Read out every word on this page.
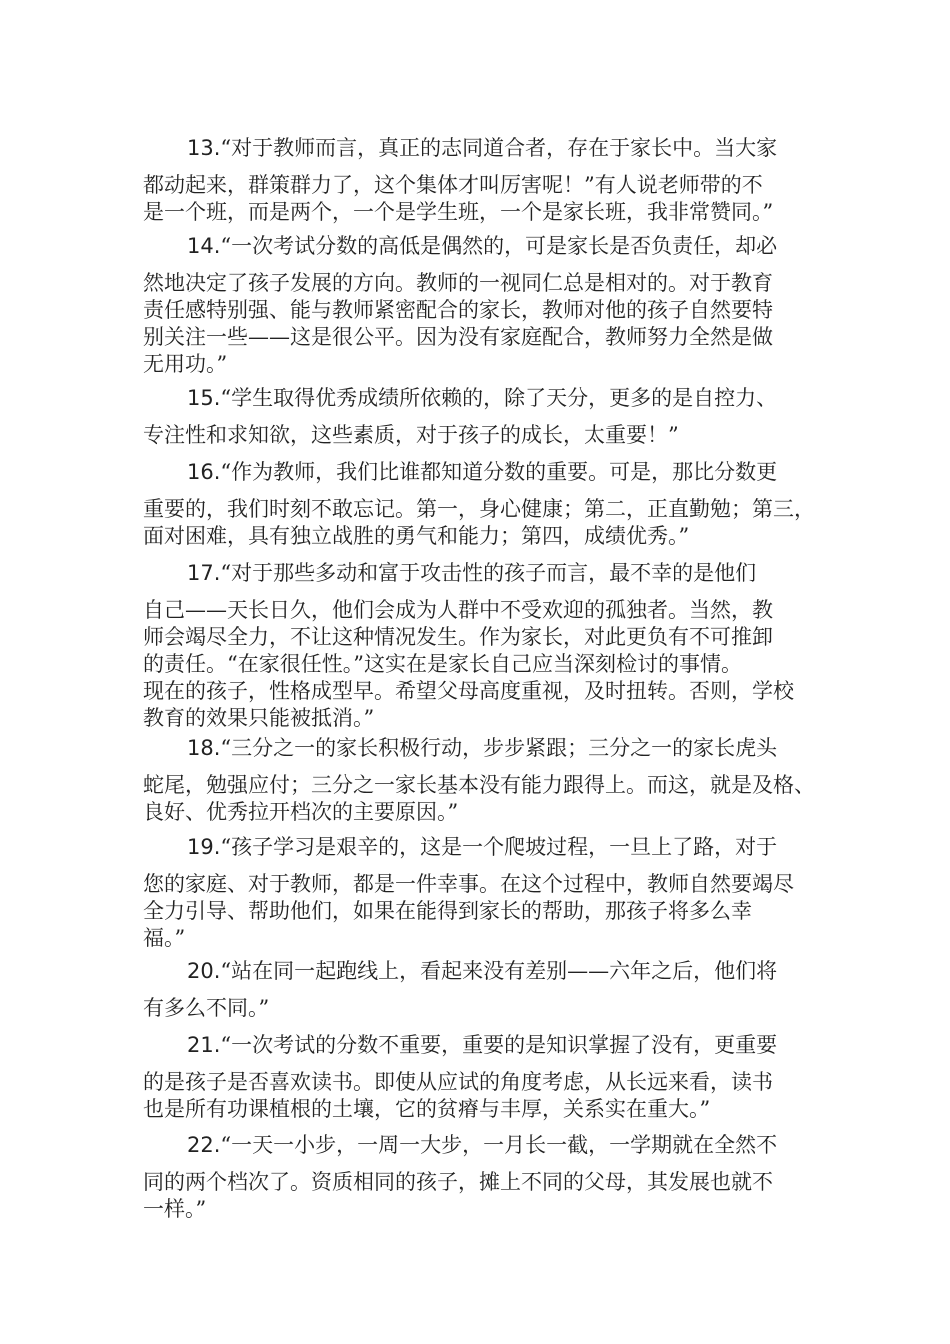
13.“对于教师而言，真正的志同道合者，存在于家长中。当大家
都动起来，群策群力了，这个集体才叫厉害呢！”有人说老师带的不
是一个班，而是两个，一个是学生班，一个是家长班，我非常赞同。”

14.“一次考试分数的高低是偶然的，可是家长是否负责任，却必
然地决定了孩子发展的方向。教师的一视同仁总是相对的。对于教育
责任感特别强、能与教师紧密配合的家长，教师对他的孩子自然要特
别关注一些——这是很公平。因为没有家庭配合，教师努力全然是做
无用功。”

15.“学生取得优秀成绩所依赖的，除了天分，更多的是自控力、
专注性和求知欲，这些素质，对于孩子的成长，太重要！”

16.“作为教师，我们比谁都知道分数的重要。可是，那比分数更
重要的，我们时刻不敢忘记。第一，身心健康；第二，正直勤勉；第三，
面对困难，具有独立战胜的勇气和能力；第四，成绩优秀。”

17.“对于那些多动和富于攻击性的孩子而言，最不幸的是他们
自己——天长日久，他们会成为人群中不受欢迎的孤独者。当然，教
师会竭尽全力，不让这种情况发生。作为家长，对此更负有不可推卸
的责任。“在家很任性。”这实在是家长自己应当深刻检讨的事情。
现在的孩子，性格成型早。希望父母高度重视，及时扭转。否则，学校
教育的效果只能被抵消。”

18.“三分之一的家长积极行动，步步紧跟；三分之一的家长虎头
蛇尾，勉强应付；三分之一家长基本没有能力跟得上。而这，就是及格、
良好、优秀拉开档次的主要原因。”

19.“孩子学习是艰辛的，这是一个爬坡过程，一旦上了路，对于
您的家庭、对于教师，都是一件幸事。在这个过程中，教师自然要竭尽
全力引导、帮助他们，如果在能得到家长的帮助，那孩子将多么幸
福。”

20.“站在同一起跑线上，看起来没有差别——六年之后，他们将
有多么不同。”

21.“一次考试的分数不重要，重要的是知识掌握了没有，更重要
的是孩子是否喜欢读书。即使从应试的角度考虑，从长远来看，读书
也是所有功课植根的土壤，它的贫瘠与丰厚，关系实在重大。”

22.“一天一小步，一周一大步，一月长一截，一学期就在全然不
同的两个档次了。资质相同的孩子，摊上不同的父母，其发展也就不
一样。”
